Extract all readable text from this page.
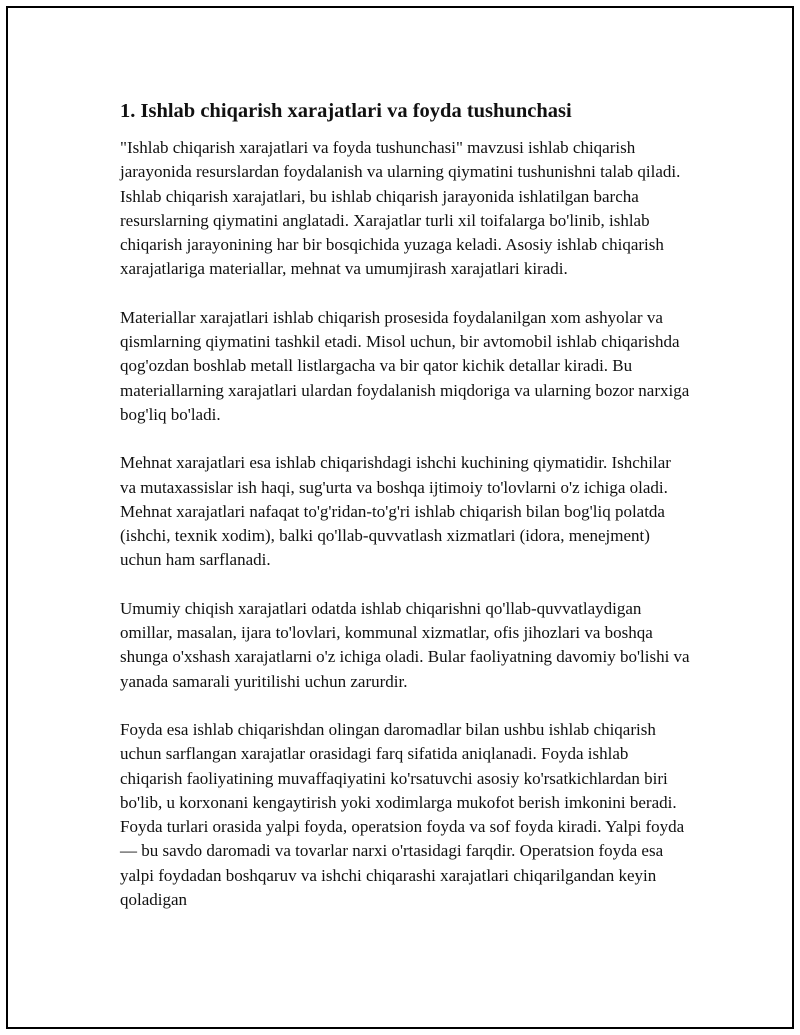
1. Ishlab chiqarish xarajatlari va foyda tushunchasi

"Ishlab chiqarish xarajatlari va foyda tushunchasi" mavzusi ishlab chiqarish jarayonida resurslardan foydalanish va ularning qiymatini tushunishni talab qiladi. Ishlab chiqarish xarajatlari, bu ishlab chiqarish jarayonida ishlatilgan barcha resurslarning qiymatini anglatadi. Xarajatlar turli xil toifalarga bo'linib, ishlab chiqarish jarayonining har bir bosqichida yuzaga keladi. Asosiy ishlab chiqarish xarajatlariga materiallar, mehnat va umumjirash xarajatlari kiradi.

Materiallar xarajatlari ishlab chiqarish prosesida foydalanilgan xom ashyolar va qismlarning qiymatini tashkil etadi. Misol uchun, bir avtomobil ishlab chiqarishda qog'ozdan boshlab metall listlargacha va bir qator kichik detallar kiradi. Bu materiallarning xarajatlari ulardan foydalanish miqdoriga va ularning bozor narxiga bog'liq bo'ladi.

Mehnat xarajatlari esa ishlab chiqarishdagi ishchi kuchining qiymatidir. Ishchilar va mutaxassislar ish haqi, sug'urta va boshqa ijtimoiy to'lovlarni o'z ichiga oladi. Mehnat xarajatlari nafaqat to'g'ridan-to'g'ri ishlab chiqarish bilan bog'liq polatda (ishchi, texnik xodim), balki qo'llab-quvvatlash xizmatlari (idora, menejment) uchun ham sarflanadi.

Umumiy chiqish xarajatlari odatda ishlab chiqarishni qo'llab-quvvatlaydigan omillar, masalan, ijara to'lovlari, kommunal xizmatlar, ofis jihozlari va boshqa shunga o'xshash xarajatlarni o'z ichiga oladi. Bular faoliyatning davomiy bo'lishi va yanada samarali yuritilishi uchun zarurdir.

Foyda esa ishlab chiqarishdan olingan daromadlar bilan ushbu ishlab chiqarish uchun sarflangan xarajatlar orasidagi farq sifatida aniqlanadi. Foyda ishlab chiqarish faoliyatining muvaffaqiyatini ko'rsatuvchi asosiy ko'rsatkichlardan biri bo'lib, u korxonani kengaytirish yoki xodimlarga mukofot berish imkonini beradi. Foyda turlari orasida yalpi foyda, operatsion foyda va sof foyda kiradi. Yalpi foyda — bu savdo daromadi va tovarlar narxi o'rtasidagi farqdir. Operatsion foyda esa yalpi foydadan boshqaruv va ishchi chiqarashi xarajatlari chiqarilgandan keyin qoladigan
